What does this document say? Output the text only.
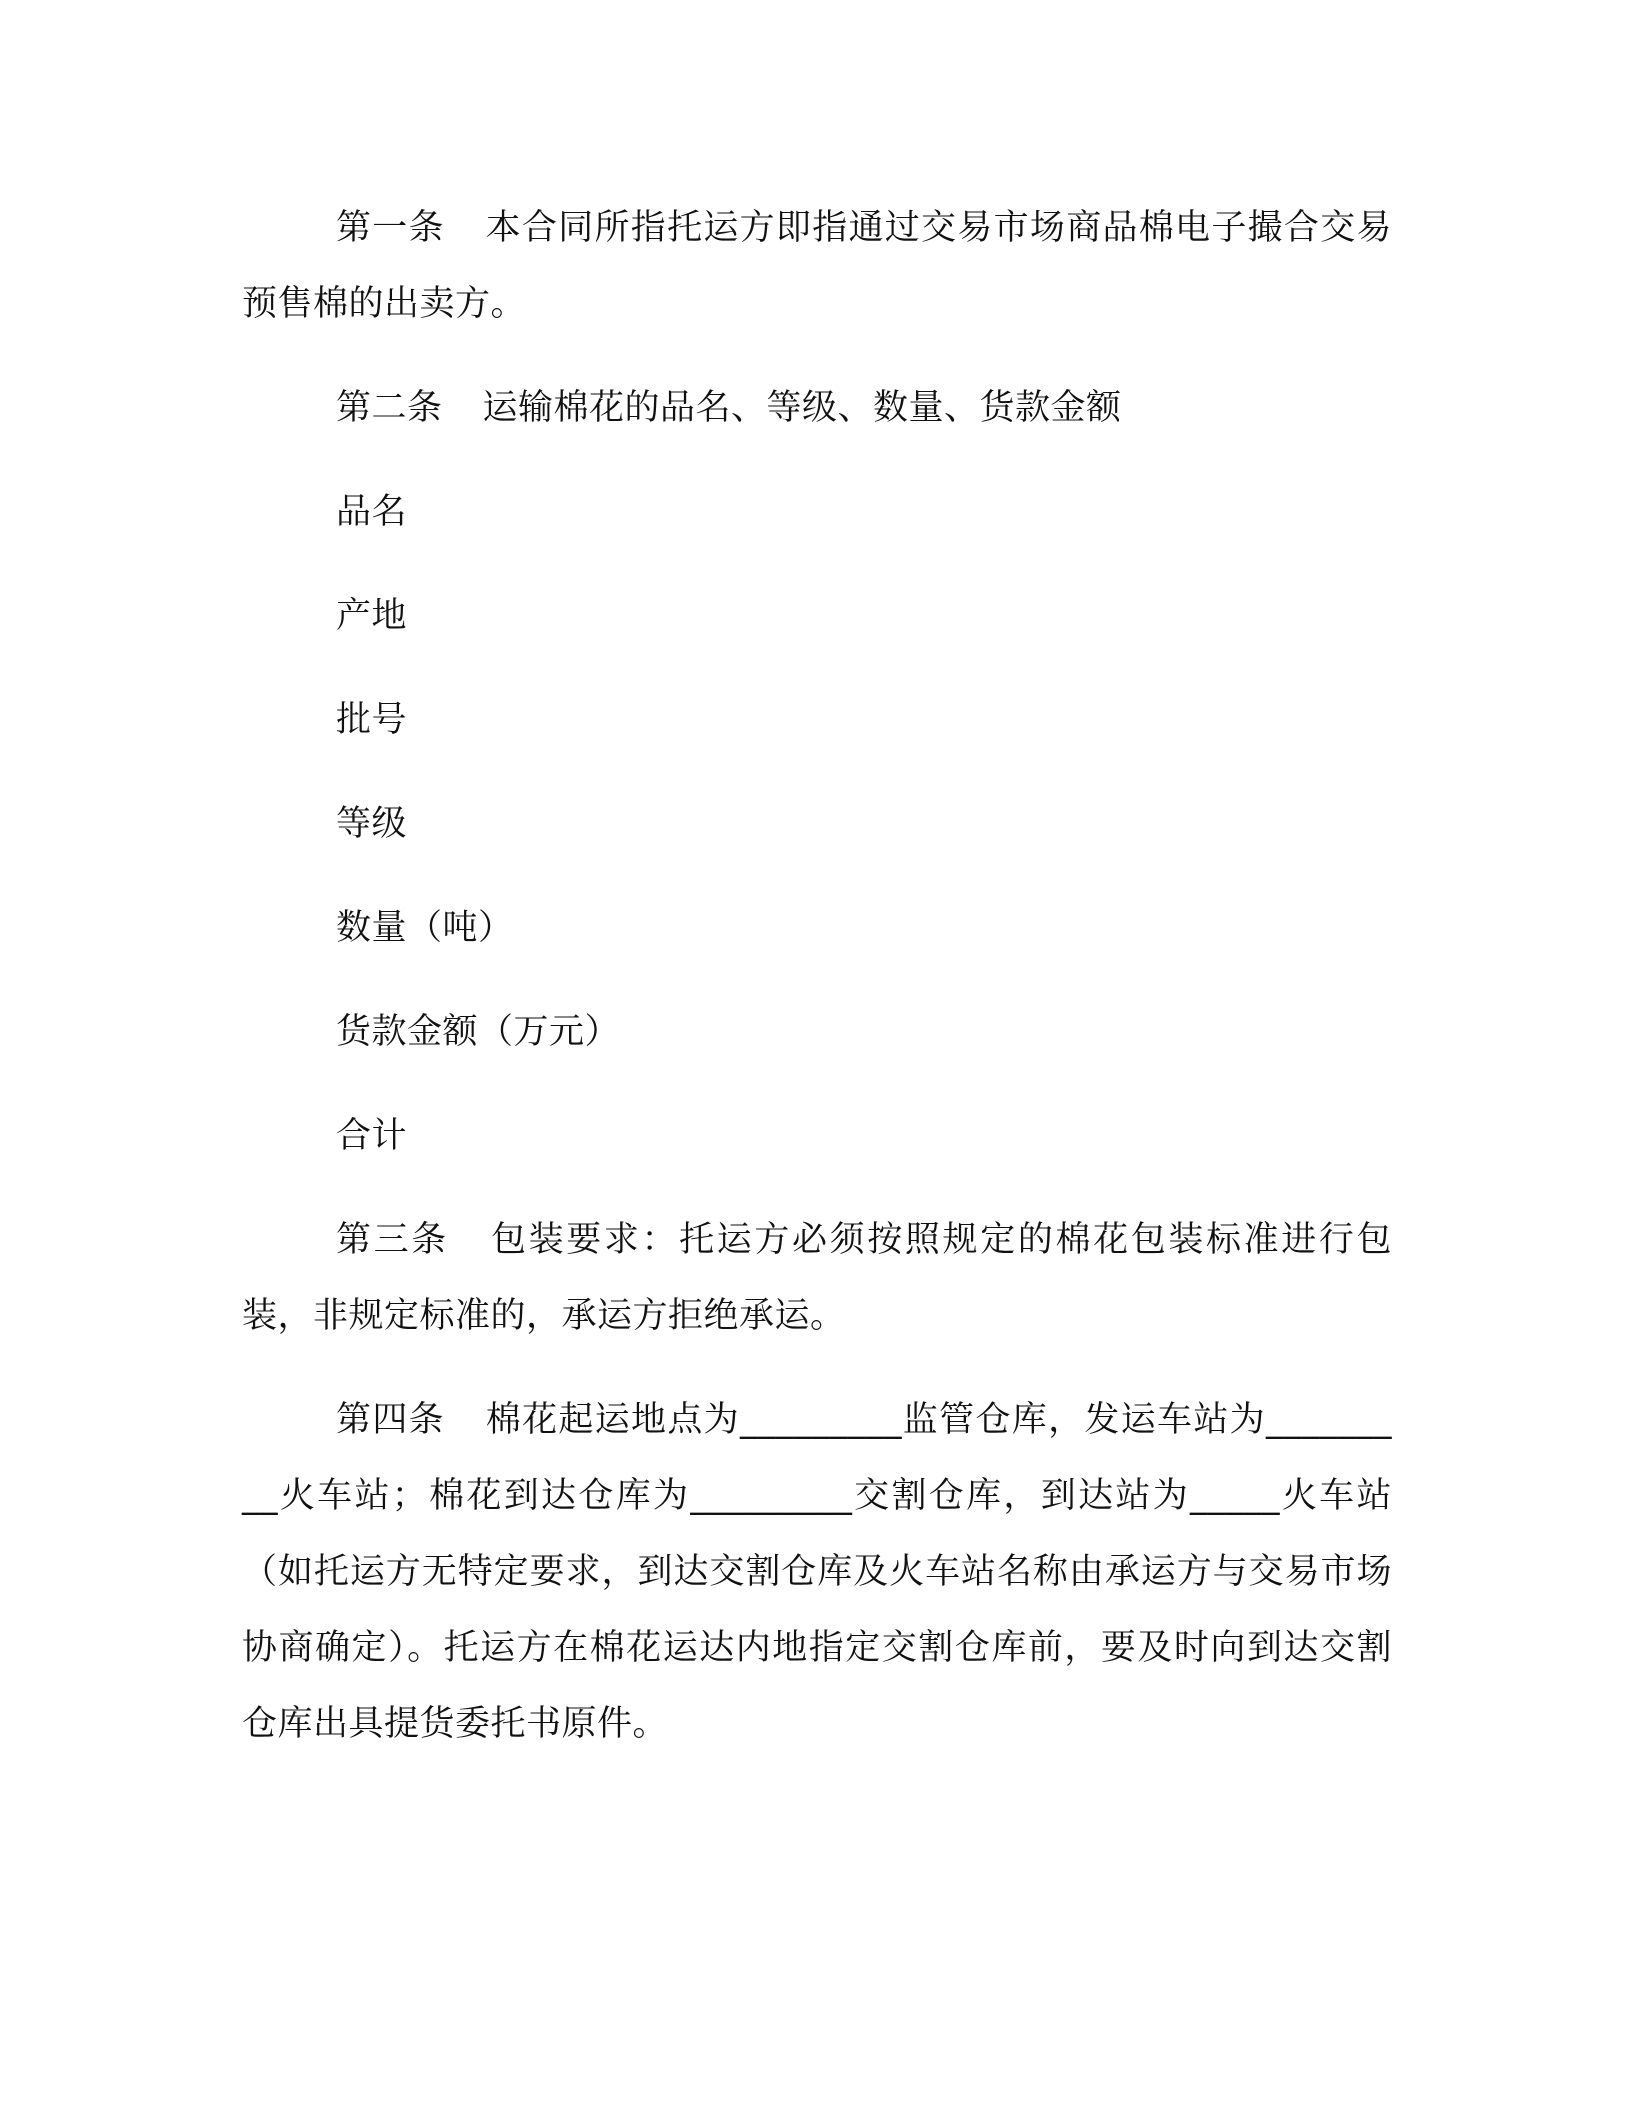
第一条 本合同所指托运方即指通过交易市场商品棉电子撮合交易预售棉的出卖方。

第二条 运输棉花的品名、等级、数量、货款金额

品名

产地

批号

等级

数量（吨）

货款金额（万元）

合计

第三条 包装要求：托运方必须按照规定的棉花包装标准进行包装，非规定标准的，承运方拒绝承运。

第四条 棉花起运地点为_________监管仓库，发运车站为_________火车站；棉花到达仓库为_________交割仓库，到达站为_____火车站（如托运方无特定要求，到达交割仓库及火车站名称由承运方与交易市场协商确定）。托运方在棉花运达内地指定交割仓库前，要及时向到达交割仓库出具提货委托书原件。
